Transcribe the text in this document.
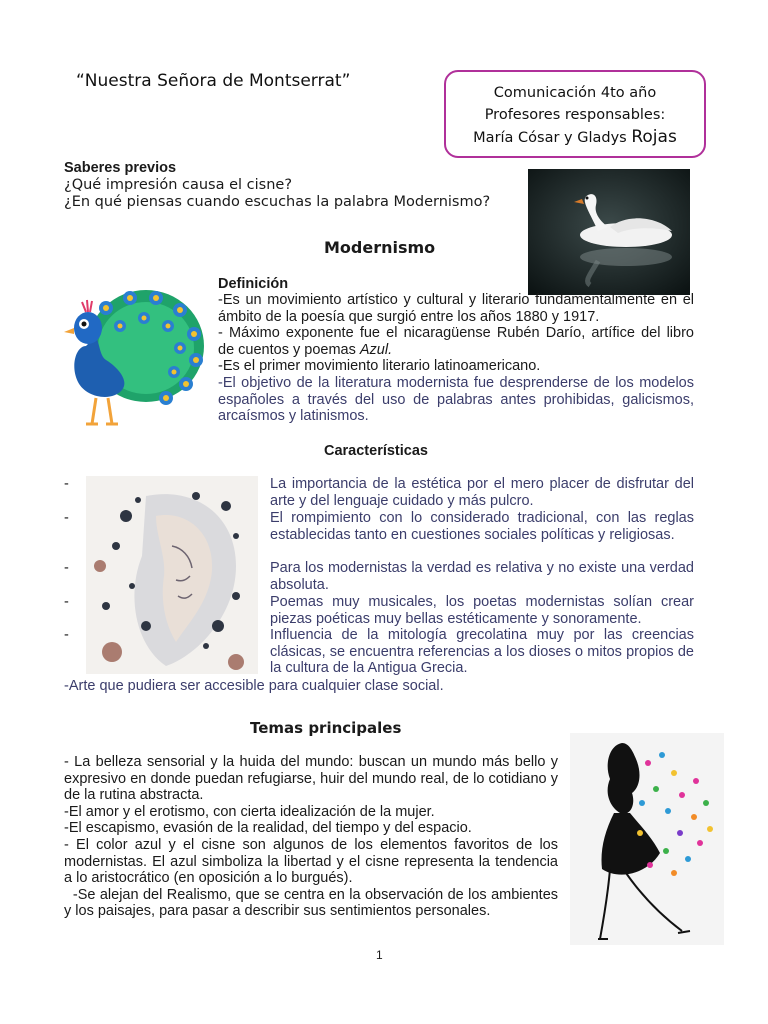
“Nuestra Señora de Montserrat”
Comunicación 4to año
Profesores responsables:
María Cósar y Gladys Rojas
Saberes previos
¿Qué impresión causa el cisne?
¿En qué piensas cuando escuchas la palabra Modernismo?
Modernismo
Definición
-Es un movimiento artístico y cultural y literario fundamentalmente en el ámbito de la poesía que surgió entre los años 1880 y 1917.
- Máximo exponente fue el nicaragüense Rubén Darío, artífice del libro        de cuentos y poemas Azul.
-Es el primer movimiento literario latinoamericano.
-El objetivo de la literatura modernista fue desprenderse de los modelos españoles a través del uso de palabras antes prohibidas, galicismos, arcaísmos y latinismos.
Características
-
-
-
-
-
La importancia de la estética por el mero placer de disfrutar del arte y del lenguaje cuidado y más pulcro.
El rompimiento con lo considerado tradicional, con las reglas establecidas tanto en cuestiones sociales políticas y religiosas.
Para los modernistas la verdad es relativa y no existe una verdad absoluta.
Poemas muy musicales, los poetas modernistas solían crear piezas poéticas muy bellas estéticamente y sonoramente.
Influencia de la mitología grecolatina muy por las creencias clásicas, se encuentra referencias a los dioses o mitos propios de la cultura de la Antigua Grecia.
-Arte que pudiera ser accesible para cualquier clase social.
Temas principales
- La belleza sensorial y la huida del mundo: buscan un mundo más bello y expresivo en donde puedan refugiarse, huir del mundo real, de lo cotidiano y de la rutina abstracta.
-El amor y el erotismo, con cierta idealización de la mujer.
-El escapismo, evasión de la realidad, del tiempo y del espacio.
- El color azul y el cisne son algunos de los elementos favoritos de los modernistas. El azul simboliza la libertad y el cisne representa la tendencia a lo aristocrático (en oposición a lo burgués).
-Se alejan del Realismo, que se centra en la observación de los ambientes y los paisajes, para pasar a describir sus sentimientos personales.
1
